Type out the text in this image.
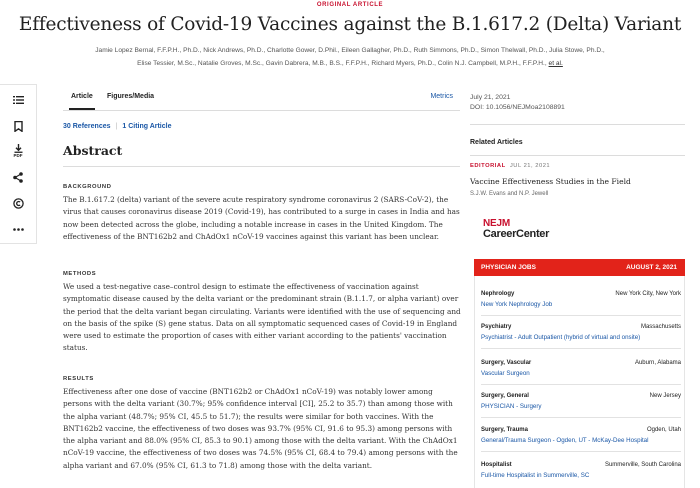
ORIGINAL ARTICLE
Effectiveness of Covid-19 Vaccines against the B.1.617.2 (Delta) Variant
Jamie Lopez Bernal, F.F.P.H., Ph.D., Nick Andrews, Ph.D., Charlotte Gower, D.Phil., Eileen Gallagher, Ph.D., Ruth Simmons, Ph.D., Simon Thelwall, Ph.D., Julia Stowe, Ph.D.,
Elise Tessier, M.Sc., Natalie Groves, M.Sc., Gavin Dabrera, M.B., B.S., F.F.P.H., Richard Myers, Ph.D., Colin N.J. Campbell, M.P.H., F.F.P.H., et al.
PDF
Article Figures/Media	Metrics
30 References | 1 Citing Article
Abstract
BACKGROUND

The B.1.617.2 (delta) variant of the severe acute respiratory syndrome coronavirus 2 (SARS-CoV-2), the virus that causes coronavirus disease 2019 (Covid-19), has contributed to a surge in cases in India and has now been detected across the globe, including a notable increase in cases in the United Kingdom. The effectiveness of the BNT162b2 and ChAdOx1 nCoV-19 vaccines against this variant has been unclear.

METHODS

We used a test-negative case–control design to estimate the effectiveness of vaccination against symptomatic disease caused by the delta variant or the predominant strain (B.1.1.7, or alpha variant) over the period that the delta variant began circulating. Variants were identified with the use of sequencing and on the basis of the spike (S) gene status. Data on all symptomatic sequenced cases of Covid-19 in England were used to estimate the proportion of cases with either variant according to the patients' vaccination status.

RESULTS

Effectiveness after one dose of vaccine (BNT162b2 or ChAdOx1 nCoV-19) was notably lower among persons with the delta variant (30.7%; 95% confidence interval [CI], 25.2 to 35.7) than among those with the alpha variant (48.7%; 95% CI, 45.5 to 51.7); the results were similar for both vaccines. With the BNT162b2 vaccine, the effectiveness of two doses was 93.7% (95% CI, 91.6 to 95.3) among persons with the alpha variant and 88.0% (95% CI, 85.3 to 90.1) among those with the delta variant. With the ChAdOx1 nCoV-19 vaccine, the effectiveness of two doses was 74.5% (95% CI, 68.4 to 79.4) among persons with the alpha variant and 67.0% (95% CI, 61.3 to 71.8) among those with the delta variant.

July 21, 2021
DOI: 10.1056/NEJMoa2108891
Related Articles
EDITORIAL JUL 21, 2021
Vaccine Effectiveness Studies in the Field
S.J.W. Evans and N.P. Jewell
NEJM
CareerCenter
PHYSICIAN JOBS	AUGUST 2, 2021
Nephrology	New York City, New York
New York Nephrology Job
Psychiatry	Massachusetts
Psychiatrist - Adult Outpatient (hybrid of virtual and onsite)
Surgery, Vascular	Auburn, Alabama
Vascular Surgeon
Surgery, General	New Jersey
PHYSICIAN - Surgery
Surgery, Trauma	Ogden, Utah
General/Trauma Surgeon - Ogden, UT - McKay-Dee Hospital
Hospitalist	Summerville, South Carolina
Full-time Hospitalist in Summerville, SC
